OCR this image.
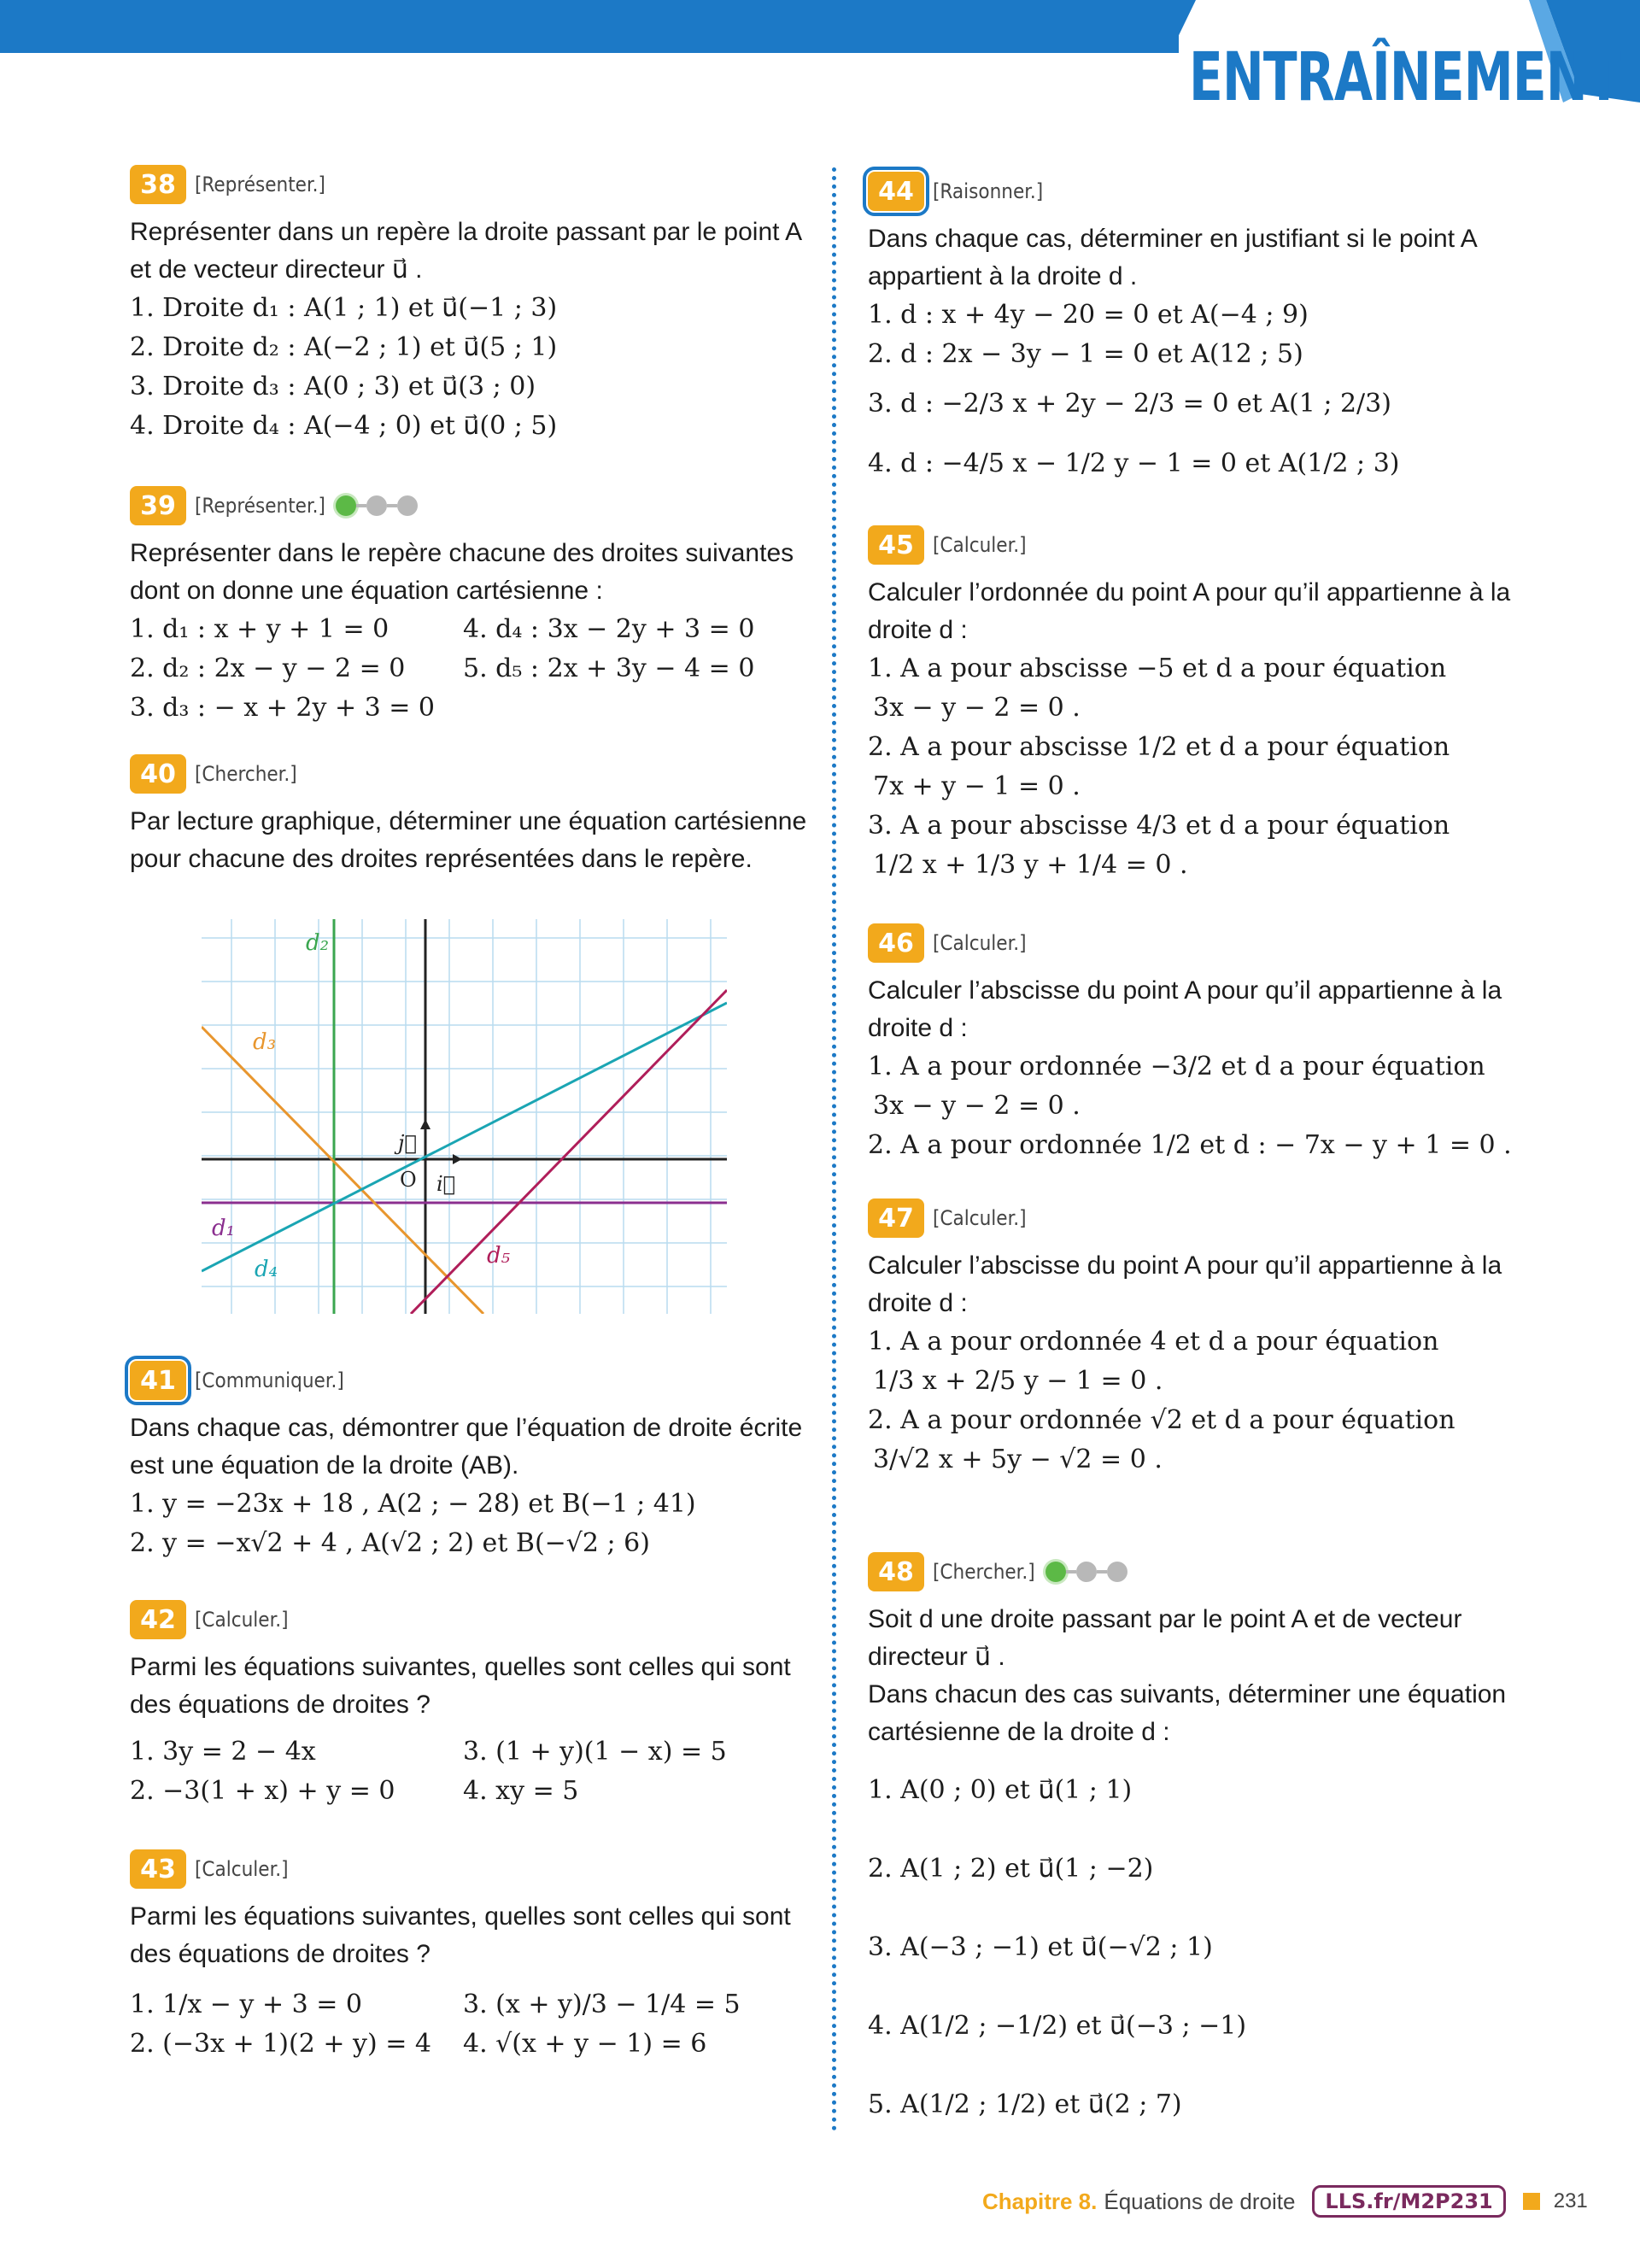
ENTRAÎNEMENT
38 [Représenter.]
Représenter dans un repère la droite passant par le point A et de vecteur directeur u⃗ .
1. Droite d₁ : A(1 ; 1) et u⃗(−1 ; 3)
2. Droite d₂ : A(−2 ; 1) et u⃗(5 ; 1)
3. Droite d₃ : A(0 ; 3) et u⃗(3 ; 0)
4. Droite d₄ : A(−4 ; 0) et u⃗(0 ; 5)
39 [Représenter.]
Représenter dans le repère chacune des droites suivantes dont on donne une équation cartésienne :
1. d₁ : x + y + 1 = 0	4. d₄ : 3x − 2y + 3 = 0
2. d₂ : 2x − y − 2 = 0	5. d₅ : 2x + 3y − 4 = 0
3. d₃ : − x + 2y + 3 = 0
40 [Chercher.]
Par lecture graphique, déterminer une équation cartésienne pour chacune des droites représentées dans le repère.
d₂
d₃
d₁
d₄
d₅
O i⃗
j⃗
41 [Communiquer.]
Dans chaque cas, démontrer que l’équation de droite écrite est une équation de la droite (AB).
1. y = −23x + 18 , A(2 ; − 28) et B(−1 ; 41)
2. y = −x√2 + 4 , A(√2 ; 2) et B(−√2 ; 6)
42 [Calculer.]
Parmi les équations suivantes, quelles sont celles qui sont des équations de droites ?
1. 3y = 2 − 4x	3. (1 + y)(1 − x) = 5
2. −3(1 + x) + y = 0	4. xy = 5
43 [Calculer.]
Parmi les équations suivantes, quelles sont celles qui sont des équations de droites ?
1. 1/x − y + 3 = 0	3. (x + y)/3 − 1/4 = 5
2. (−3x + 1)(2 + y) = 4	4. √(x + y − 1) = 6
44 [Raisonner.]
Dans chaque cas, déterminer en justifiant si le point A appartient à la droite d .
1. d : x + 4y − 20 = 0 et A(−4 ; 9)
2. d : 2x − 3y − 1 = 0 et A(12 ; 5)
3. d : −2/3 x + 2y − 2/3 = 0 et A(1 ; 2/3)
4. d : −4/5 x − 1/2 y − 1 = 0 et A(1/2 ; 3)
45 [Calculer.]
Calculer l’ordonnée du point A pour qu’il appartienne à la droite d :
1. A a pour abscisse −5 et d a pour équation
3x − y − 2 = 0 .
2. A a pour abscisse 1/2 et d a pour équation
7x + y − 1 = 0 .
3. A a pour abscisse 4/3 et d a pour équation
1/2 x + 1/3 y + 1/4 = 0 .
46 [Calculer.]
Calculer l’abscisse du point A pour qu’il appartienne à la droite d :
1. A a pour ordonnée −3/2 et d a pour équation
3x − y − 2 = 0 .
2. A a pour ordonnée 1/2 et d : − 7x − y + 1 = 0 .
47 [Calculer.]
Calculer l’abscisse du point A pour qu’il appartienne à la droite d :
1. A a pour ordonnée 4 et d a pour équation
1/3 x + 2/5 y − 1 = 0 .
2. A a pour ordonnée √2 et d a pour équation
3/√2 x + 5y − √2 = 0 .
48 [Chercher.]
Soit d une droite passant par le point A et de vecteur directeur u⃗ .
Dans chacun des cas suivants, déterminer une équation cartésienne de la droite d :
1. A(0 ; 0) et u⃗(1 ; 1)
2. A(1 ; 2) et u⃗(1 ; −2)
3. A(−3 ; −1) et u⃗(−√2 ; 1)
4. A(1/2 ; −1/2) et u⃗(−3 ; −1)
5. A(1/2 ; 1/2) et u⃗(2 ; 7)
Chapitre 8. Équations de droite	LLS.fr/M2P231	231
